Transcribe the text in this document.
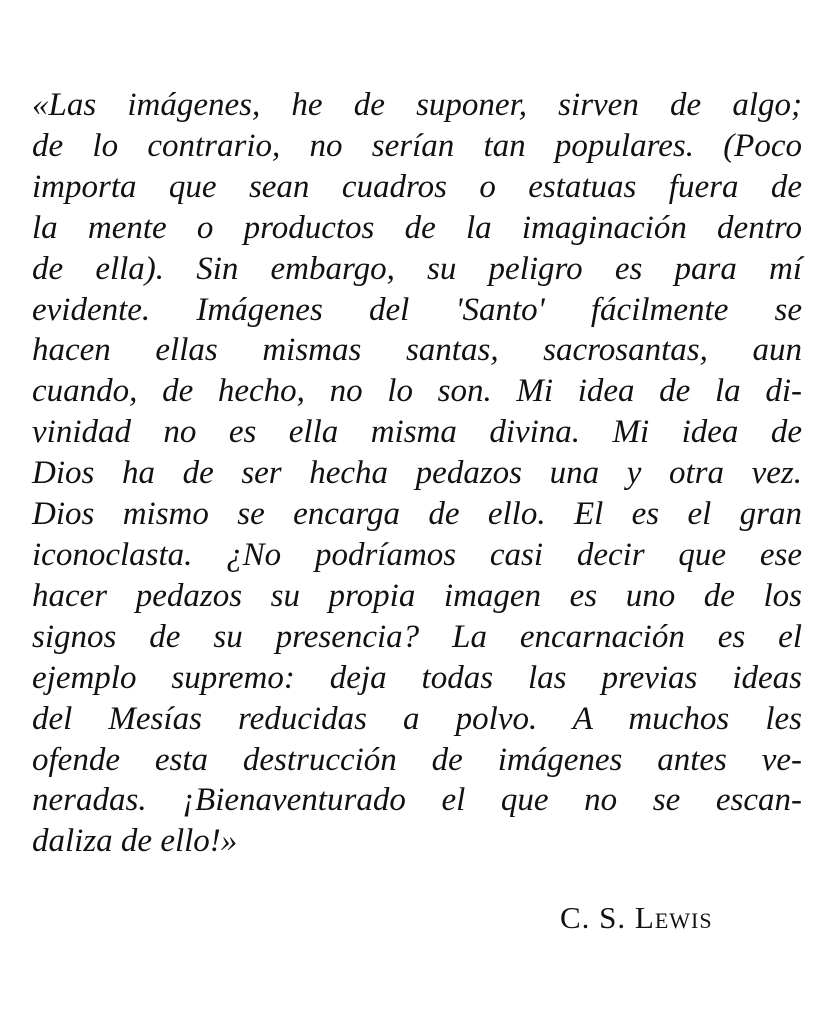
«Las imágenes, he de suponer, sirven de algo;
de lo contrario, no serían tan populares. (Poco
importa que sean cuadros o estatuas fuera de
la mente o productos de la imaginación dentro
de ella). Sin embargo, su peligro es para mí
evidente. Imágenes del 'Santo' fácilmente se
hacen ellas mismas santas, sacrosantas, aun
cuando, de hecho, no lo son. Mi idea de la di-
vinidad no es ella misma divina. Mi idea de
Dios ha de ser hecha pedazos una y otra vez.
Dios mismo se encarga de ello. El es el gran
iconoclasta. ¿No podríamos casi decir que ese
hacer pedazos su propia imagen es uno de los
signos de su presencia? La encarnación es el
ejemplo supremo: deja todas las previas ideas
del Mesías reducidas a polvo. A muchos les
ofende esta destrucción de imágenes antes ve-
neradas. ¡Bienaventurado el que no se escan-
daliza de ello!»
C. S. Lewis
